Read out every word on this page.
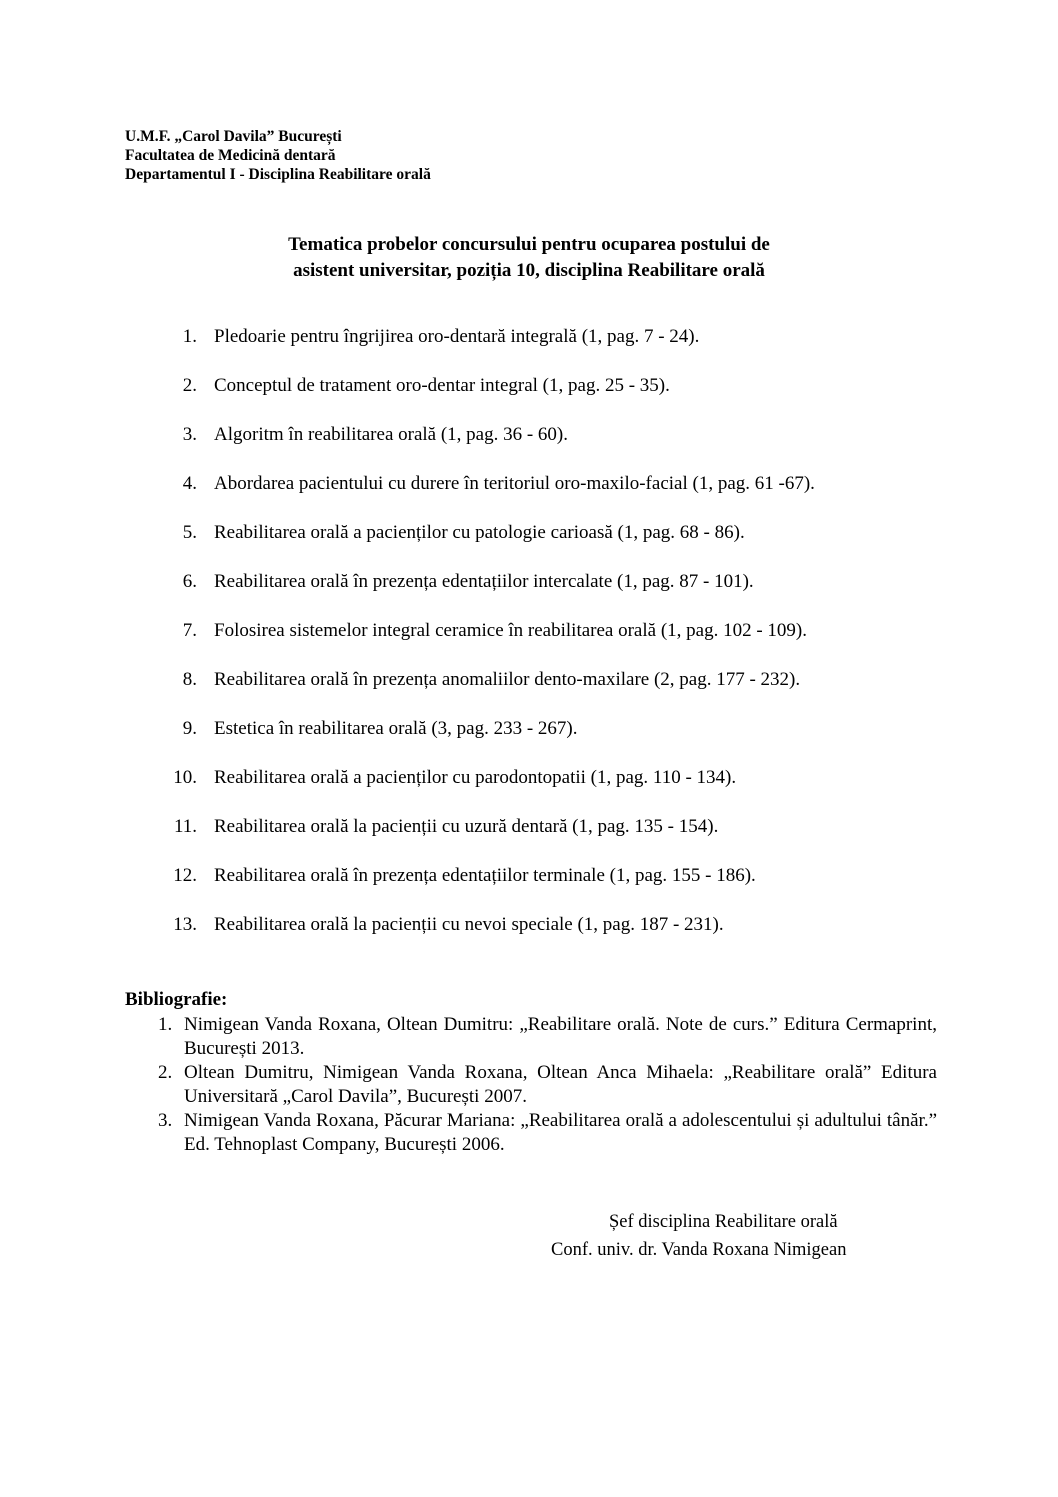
U.M.F. „Carol Davila” București
Facultatea de Medicină dentară
Departamentul I - Disciplina Reabilitare orală
Tematica probelor concursului pentru ocuparea postului de
asistent universitar, poziția 10, disciplina Reabilitare orală
1. Pledoarie pentru îngrijirea oro-dentară integrală (1, pag. 7 - 24).
2. Conceptul de tratament oro-dentar integral (1, pag. 25 - 35).
3. Algoritm în reabilitarea orală (1, pag. 36 - 60).
4. Abordarea pacientului cu durere în teritoriul oro-maxilo-facial (1, pag. 61 -67).
5. Reabilitarea orală a pacienților cu patologie carioasă (1, pag. 68 - 86).
6. Reabilitarea orală în prezența edentațiilor intercalate (1, pag. 87 - 101).
7. Folosirea sistemelor integral ceramice în reabilitarea orală (1, pag. 102 - 109).
8. Reabilitarea orală în prezența anomaliilor dento-maxilare (2, pag. 177 - 232).
9. Estetica în reabilitarea orală (3, pag. 233 - 267).
10. Reabilitarea orală a pacienților cu parodontopatii (1, pag. 110 - 134).
11. Reabilitarea orală la pacienții cu uzură dentară (1, pag. 135 - 154).
12. Reabilitarea orală în prezența edentațiilor terminale (1, pag. 155 - 186).
13. Reabilitarea orală la pacienții cu nevoi speciale (1, pag. 187 - 231).
Bibliografie:
1. Nimigean Vanda Roxana, Oltean Dumitru: „Reabilitare orală. Note de curs.” Editura Cermaprint, București 2013.
2. Oltean Dumitru, Nimigean Vanda Roxana, Oltean Anca Mihaela: „Reabilitare orală” Editura Universitară „Carol Davila”, București 2007.
3. Nimigean Vanda Roxana, Păcurar Mariana: „Reabilitarea orală a adolescentului și adultului tânăr.” Ed. Tehnoplast Company, București 2006.
Șef disciplina Reabilitare orală
Conf. univ. dr. Vanda Roxana Nimigean
